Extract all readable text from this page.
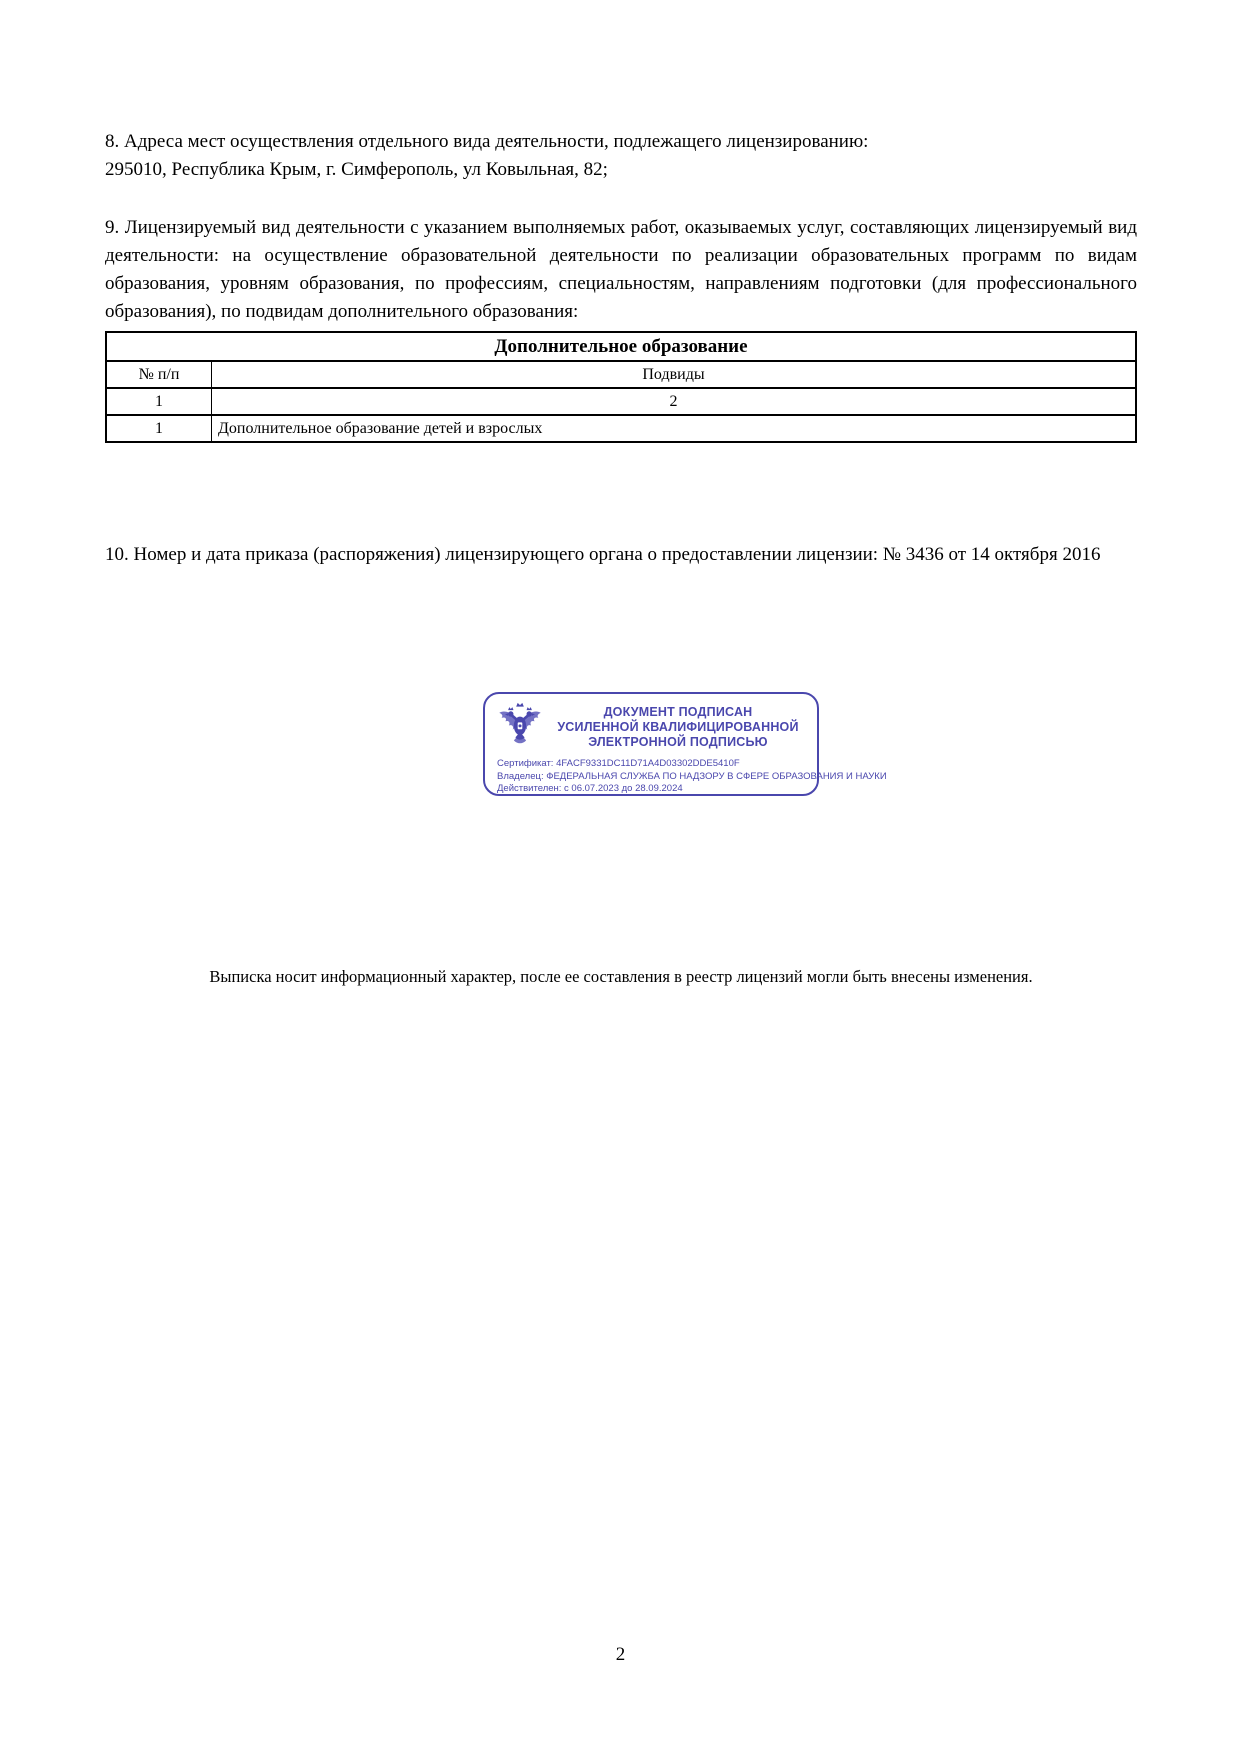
8. Адреса мест осуществления отдельного вида деятельности, подлежащего лицензированию:
295010, Республика Крым, г. Симферополь, ул Ковыльная, 82;

9. Лицензируемый вид деятельности с указанием выполняемых работ, оказываемых услуг, составляющих лицензируемый вид деятельности: на осуществление образовательной деятельности по реализации образовательных программ по видам образования, уровням образования, по профессиям, специальностям, направлениям подготовки (для профессионального образования), по подвидам дополнительного образования:

Дополнительное образование	
№ п/п	Подвиды
1	2
1	Дополнительное образование детей и взрослых

10. Номер и дата приказа (распоряжения) лицензирующего органа о предоставлении лицензии: № 3436 от 14 октября 2016

ДОКУМЕНТ ПОДПИСАН
УСИЛЕННОЙ КВАЛИФИЦИРОВАННОЙ
ЭЛЕКТРОННОЙ ПОДПИСЬЮ
Сертификат: 4FACF9331DC11D71A4D03302DDE5410F
Владелец: ФЕДЕРАЛЬНАЯ СЛУЖБА ПО НАДЗОРУ В СФЕРЕ ОБРАЗОВАНИЯ И НАУКИ
Действителен: с 06.07.2023 до 28.09.2024
Выписка носит информационный характер, после ее составления в реестр лицензий могли быть внесены изменения.
2
